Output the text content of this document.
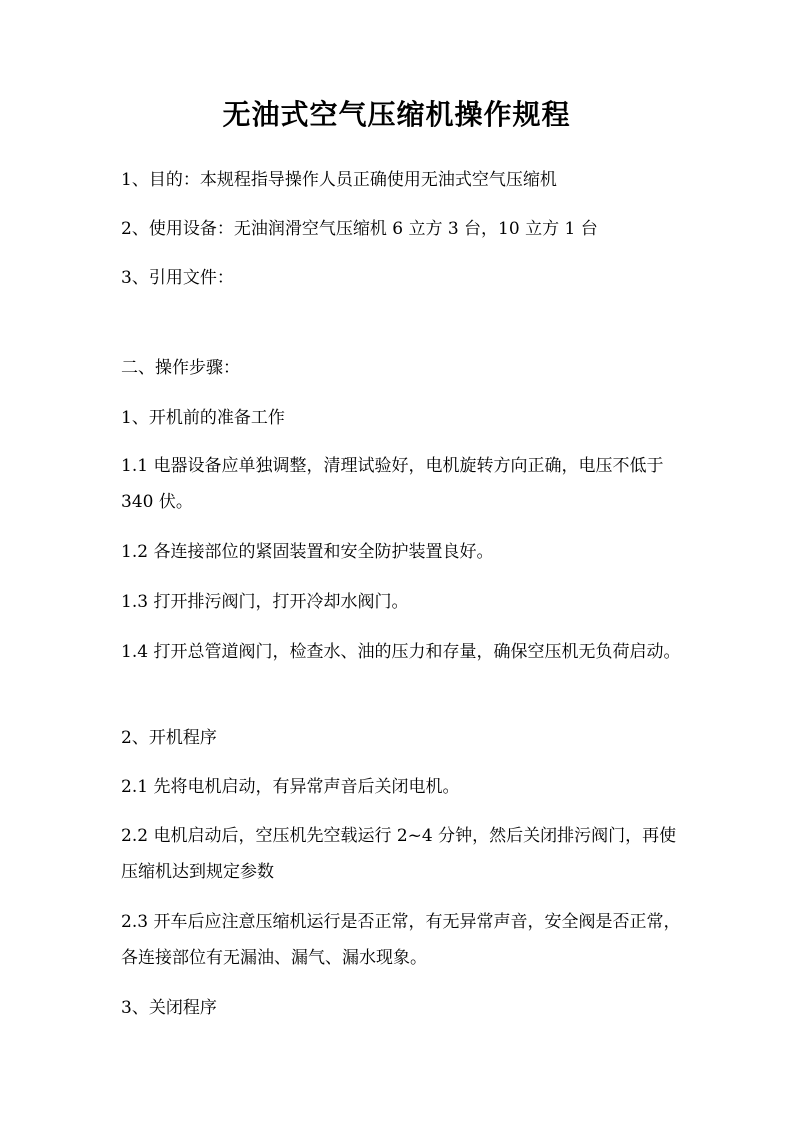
无油式空气压缩机操作规程

1、目的：本规程指导操作人员正确使用无油式空气压缩机

2、使用设备：无油润滑空气压缩机 6 立方 3 台，10 立方 1 台

3、引用文件：

二、操作步骤：

1、开机前的准备工作

1.1 电器设备应单独调整，清理试验好，电机旋转方向正确，电压不低于 340 伏。

1.2 各连接部位的紧固装置和安全防护装置良好。

1.3 打开排污阀门，打开冷却水阀门。

1.4 打开总管道阀门，检查水、油的压力和存量，确保空压机无负荷启动。

2、开机程序

2.1 先将电机启动，有异常声音后关闭电机。

2.2 电机启动后，空压机先空载运行 2~4 分钟，然后关闭排污阀门，再使压缩机达到规定参数

2.3 开车后应注意压缩机运行是否正常，有无异常声音，安全阀是否正常，各连接部位有无漏油、漏气、漏水现象。

3、关闭程序
